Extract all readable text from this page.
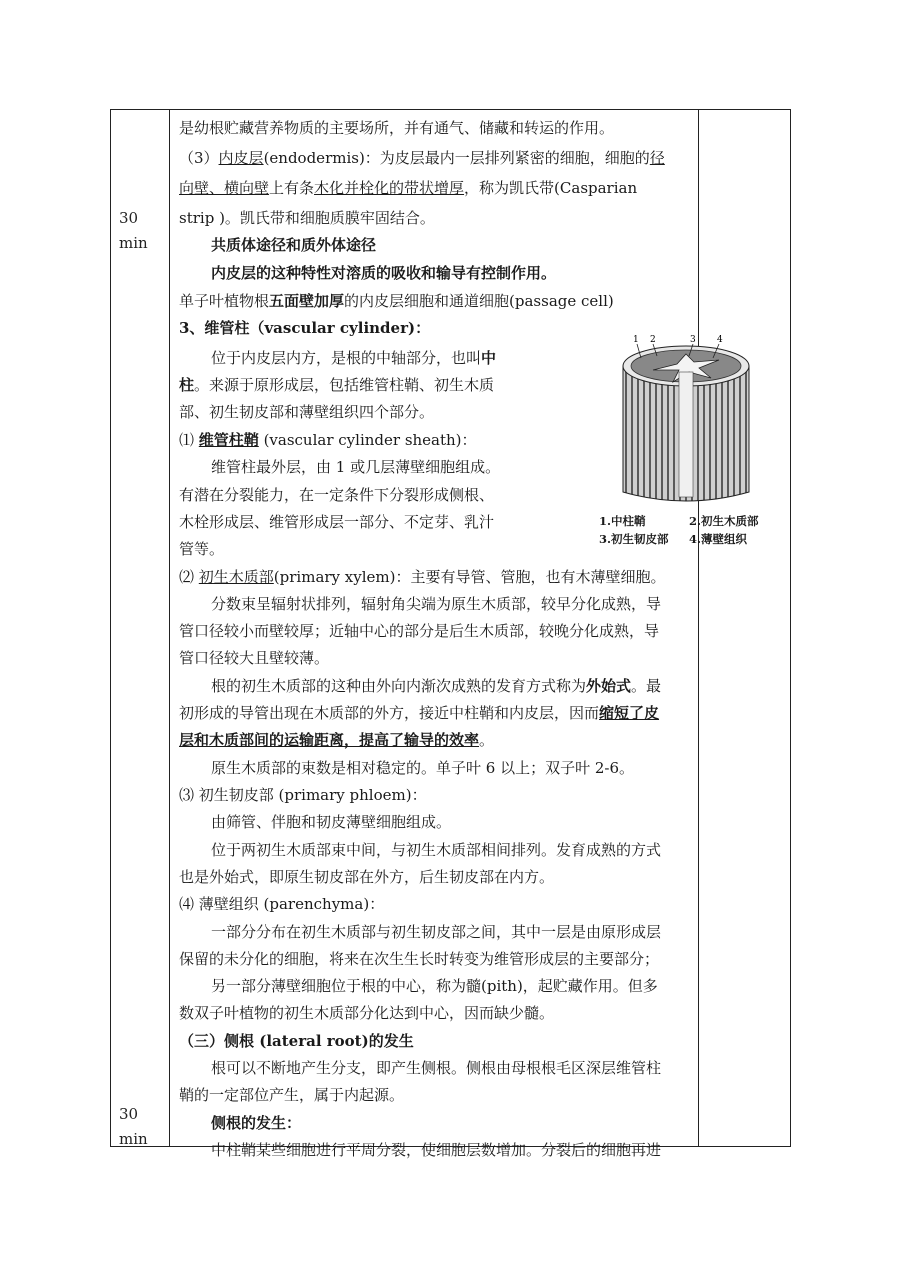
30
min
30
min
是幼根贮藏营养物质的主要场所，并有通气、储藏和转运的作用。
（3）内皮层(endodermis)：为皮层最内一层排列紧密的细胞，细胞的径
向壁、横向壁上有条木化并栓化的带状增厚，称为凯氏带(Casparian
strip )。凯氏带和细胞质膜牢固结合。
共质体途径和质外体途径
内皮层的这种特性对溶质的吸收和输导有控制作用。
单子叶植物根五面壁加厚的内皮层细胞和通道细胞(passage cell)
3、维管柱（vascular cylinder)：
位于内皮层内方，是根的中轴部分，也叫中
柱。来源于原形成层，包括维管柱鞘、初生木质
部、初生韧皮部和薄壁组织四个部分。
⑴ 维管柱鞘 (vascular cylinder sheath)：
维管柱最外层，由 1 或几层薄壁细胞组成。
有潜在分裂能力，在一定条件下分裂形成侧根、
木栓形成层、维管形成层一部分、不定芽、乳汁
管等。
⑵ 初生木质部(primary xylem)：主要有导管、管胞，也有木薄壁细胞。
分数束呈辐射状排列，辐射角尖端为原生木质部，较早分化成熟，导
管口径较小而壁较厚；近轴中心的部分是后生木质部，较晚分化成熟，导
管口径较大且壁较薄。
根的初生木质部的这种由外向内渐次成熟的发育方式称为外始式。最
初形成的导管出现在木质部的外方，接近中柱鞘和内皮层，因而缩短了皮
层和木质部间的运输距离，提高了输导的效率。
原生木质部的束数是相对稳定的。单子叶 6 以上；双子叶 2-6。
⑶ 初生韧皮部 (primary phloem)：
由筛管、伴胞和韧皮薄壁细胞组成。
位于两初生木质部束中间，与初生木质部相间排列。发育成熟的方式
也是外始式，即原生韧皮部在外方，后生韧皮部在内方。
⑷ 薄壁组织 (parenchyma)：
一部分分布在初生木质部与初生韧皮部之间，其中一层是由原形成层
保留的未分化的细胞，将来在次生生长时转变为维管形成层的主要部分；
另一部分薄壁细胞位于根的中心，称为髓(pith)，起贮藏作用。但多
数双子叶植物的初生木质部分化达到中心，因而缺少髓。
（三）侧根 (lateral root)的发生
根可以不断地产生分支，即产生侧根。侧根由母根根毛区深层维管柱
鞘的一定部位产生，属于内起源。
侧根的发生：
中柱鞘某些细胞进行平周分裂，使细胞层数增加。分裂后的细胞再进
1 2	3 4
1.中柱鞘	2.初生木质部
3.初生韧皮部 4.薄壁组织
